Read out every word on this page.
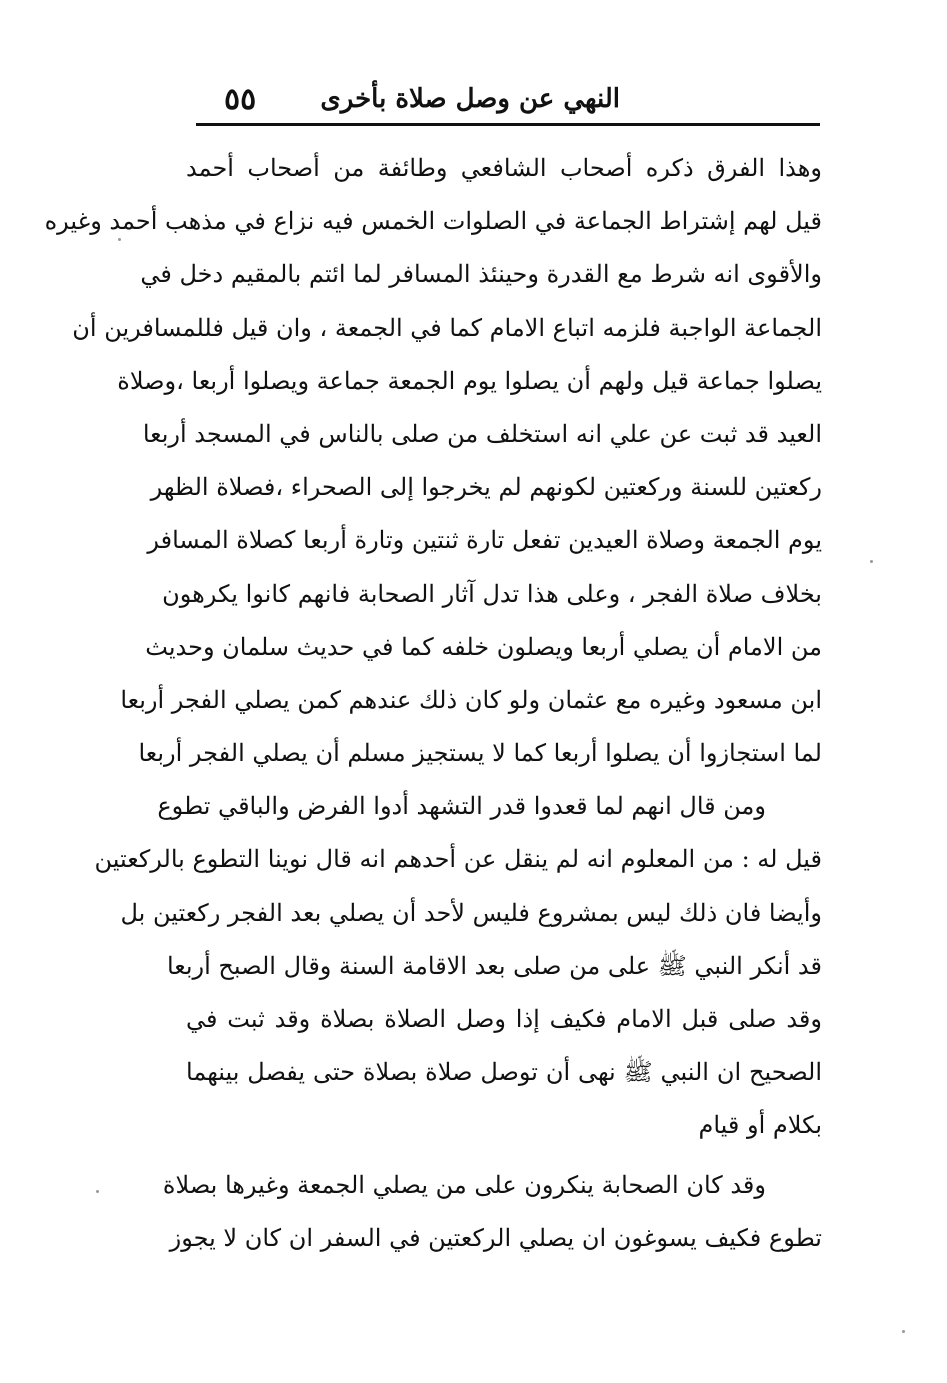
٥٥ النهي عن وصل صلاة بأخرى
وهذا الفرق ذكره أصحاب الشافعي وطائفة من أصحاب أحمد
قيل لهم إشتراط الجماعة في الصلوات الخمس فيه نزاع في مذهب أحمد وغيره
والأقوى انه شرط مع القدرة وحينئذ المسافر لما ائتم بالمقيم دخل في
الجماعة الواجبة فلزمه اتباع الامام كما في الجمعة ، وان قيل فللمسافرين أن
يصلوا جماعة قيل ولهم أن يصلوا يوم الجمعة جماعة ويصلوا أربعا ،وصلاة
العيد قد ثبت عن علي انه استخلف من صلى بالناس في المسجد أربعا
ركعتين للسنة وركعتين لكونهم لم يخرجوا إلى الصحراء ،فصلاة الظهر
يوم الجمعة وصلاة العيدين تفعل تارة ثنتين وتارة أربعا كصلاة المسافر
بخلاف صلاة الفجر ، وعلى هذا تدل آثار الصحابة فانهم كانوا يكرهون
من الامام أن يصلي أربعا ويصلون خلفه كما في حديث سلمان وحديث
ابن مسعود وغيره مع عثمان ولو كان ذلك عندهم كمن يصلي الفجر أربعا
لما استجازوا أن يصلوا أربعا كما لا يستجيز مسلم أن يصلي الفجر أربعا
ومن قال انهم لما قعدوا قدر التشهد أدوا الفرض والباقي تطوع
قيل له : من المعلوم انه لم ينقل عن أحدهم انه قال نوينا التطوع بالركعتين
وأيضا فان ذلك ليس بمشروع فليس لأحد أن يصلي بعد الفجر ركعتين بل
قد أنكر النبي ﷺ على من صلى بعد الاقامة السنة وقال الصبح أربعا
وقد صلى قبل الامام فكيف إذا وصل الصلاة بصلاة وقد ثبت في
الصحيح ان النبي ﷺ نهى أن توصل صلاة بصلاة حتى يفصل بينهما
بكلام أو قيام
وقد كان الصحابة ينكرون على من يصلي الجمعة وغيرها بصلاة
تطوع فكيف يسوغون ان يصلي الركعتين في السفر ان كان لا يجوز
